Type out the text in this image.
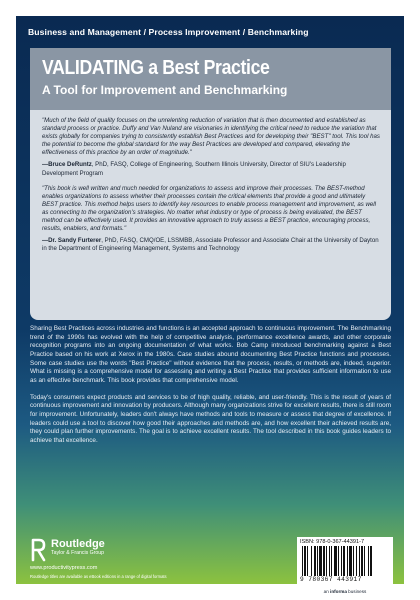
Business and Management / Process Improvement / Benchmarking
VALIDATING a Best Practice
A Tool for Improvement and Benchmarking
"Much of the field of quality focuses on the unrelenting reduction of variation that is then documented and established as standard process or practice. Duffy and Van Nuland are visionaries in identifying the critical need to reduce the variation that exists globally for companies trying to consistently establish Best Practices and for developing their "BEST" tool. This tool has the potential to become the global standard for the way Best Practices are developed and compared, elevating the effectiveness of this practice by an order of magnitude."
—Bruce DeRuntz, PhD, FASQ, College of Engineering, Southern Illinois University, Director of SIU's Leadership Development Program
"This book is well written and much needed for organizations to assess and improve their processes. The BEST-method enables organizations to assess whether their processes contain the critical elements that provide a good and ultimately BEST practice. This method helps users to identify key resources to enable process management and improvement, as well as connecting to the organization's strategies. No matter what industry or type of process is being evaluated, the BEST method can be effectively used. It provides an innovative approach to truly assess a BEST practice, encouraging process, results, enablers, and formats."
—Dr. Sandy Furterer, PhD, FASQ, CMQ/OE, LSSMBB, Associate Professor and Associate Chair at the University of Dayton in the Department of Engineering Management, Systems and Technology

Sharing Best Practices across industries and functions is an accepted approach to continuous improvement. The Benchmarking trend of the 1990s has evolved with the help of competitive analysis, performance excellence awards, and other corporate recognition programs into an ongoing documentation of what works. Bob Camp introduced benchmarking against a Best Practice based on his work at Xerox in the 1980s. Case studies abound documenting Best Practice functions and processes. Some case studies use the words "Best Practice" without evidence that the process, results, or methods are, indeed, superior. What is missing is a comprehensive model for assessing and writing a Best Practice that provides sufficient information to use as an effective benchmark. This book provides that comprehensive model.

Today's consumers expect products and services to be of high quality, reliable, and user-friendly. This is the result of years of continuous improvement and innovation by producers. Although many organizations strive for excellent results, there is still room for improvement. Unfortunately, leaders don't always have methods and tools to measure or assess that degree of excellence. If leaders could use a tool to discover how good their approaches and methods are, and how excellent their achieved results are, they could plan further improvements. The goal is to achieve excellent results. The tool described in this book guides leaders to achieve that excellence.

Routledge
Taylor & Francis Group
www.productivitypress.com
Routledge titles are available as eBook editions in a range of digital formats
ISBN: 978-0-367-44391-7
9 780367 443917
an informa business
